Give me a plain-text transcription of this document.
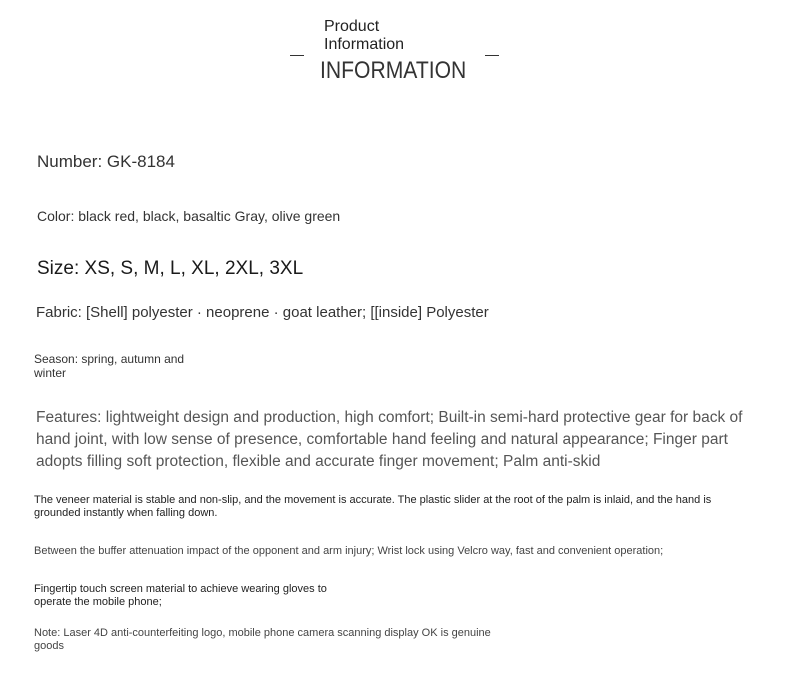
Product Information
INFORMATION
Number: GK-8184
Color: black red, black, basaltic Gray, olive green
Size: XS, S, M, L, XL, 2XL, 3XL
Fabric: [Shell] polyester · neoprene · goat leather; [[inside] Polyester
Season: spring, autumn and winter
Features: lightweight design and production, high comfort; Built-in semi-hard protective gear for back of hand joint, with low sense of presence, comfortable hand feeling and natural appearance; Finger part adopts filling soft protection, flexible and accurate finger movement; Palm anti-skid
The veneer material is stable and non-slip, and the movement is accurate. The plastic slider at the root of the palm is inlaid, and the hand is grounded instantly when falling down.
Between the buffer attenuation impact of the opponent and arm injury; Wrist lock using Velcro way, fast and convenient operation;
Fingertip touch screen material to achieve wearing gloves to operate the mobile phone;
Note: Laser 4D anti-counterfeiting logo, mobile phone camera scanning display OK is genuine goods
